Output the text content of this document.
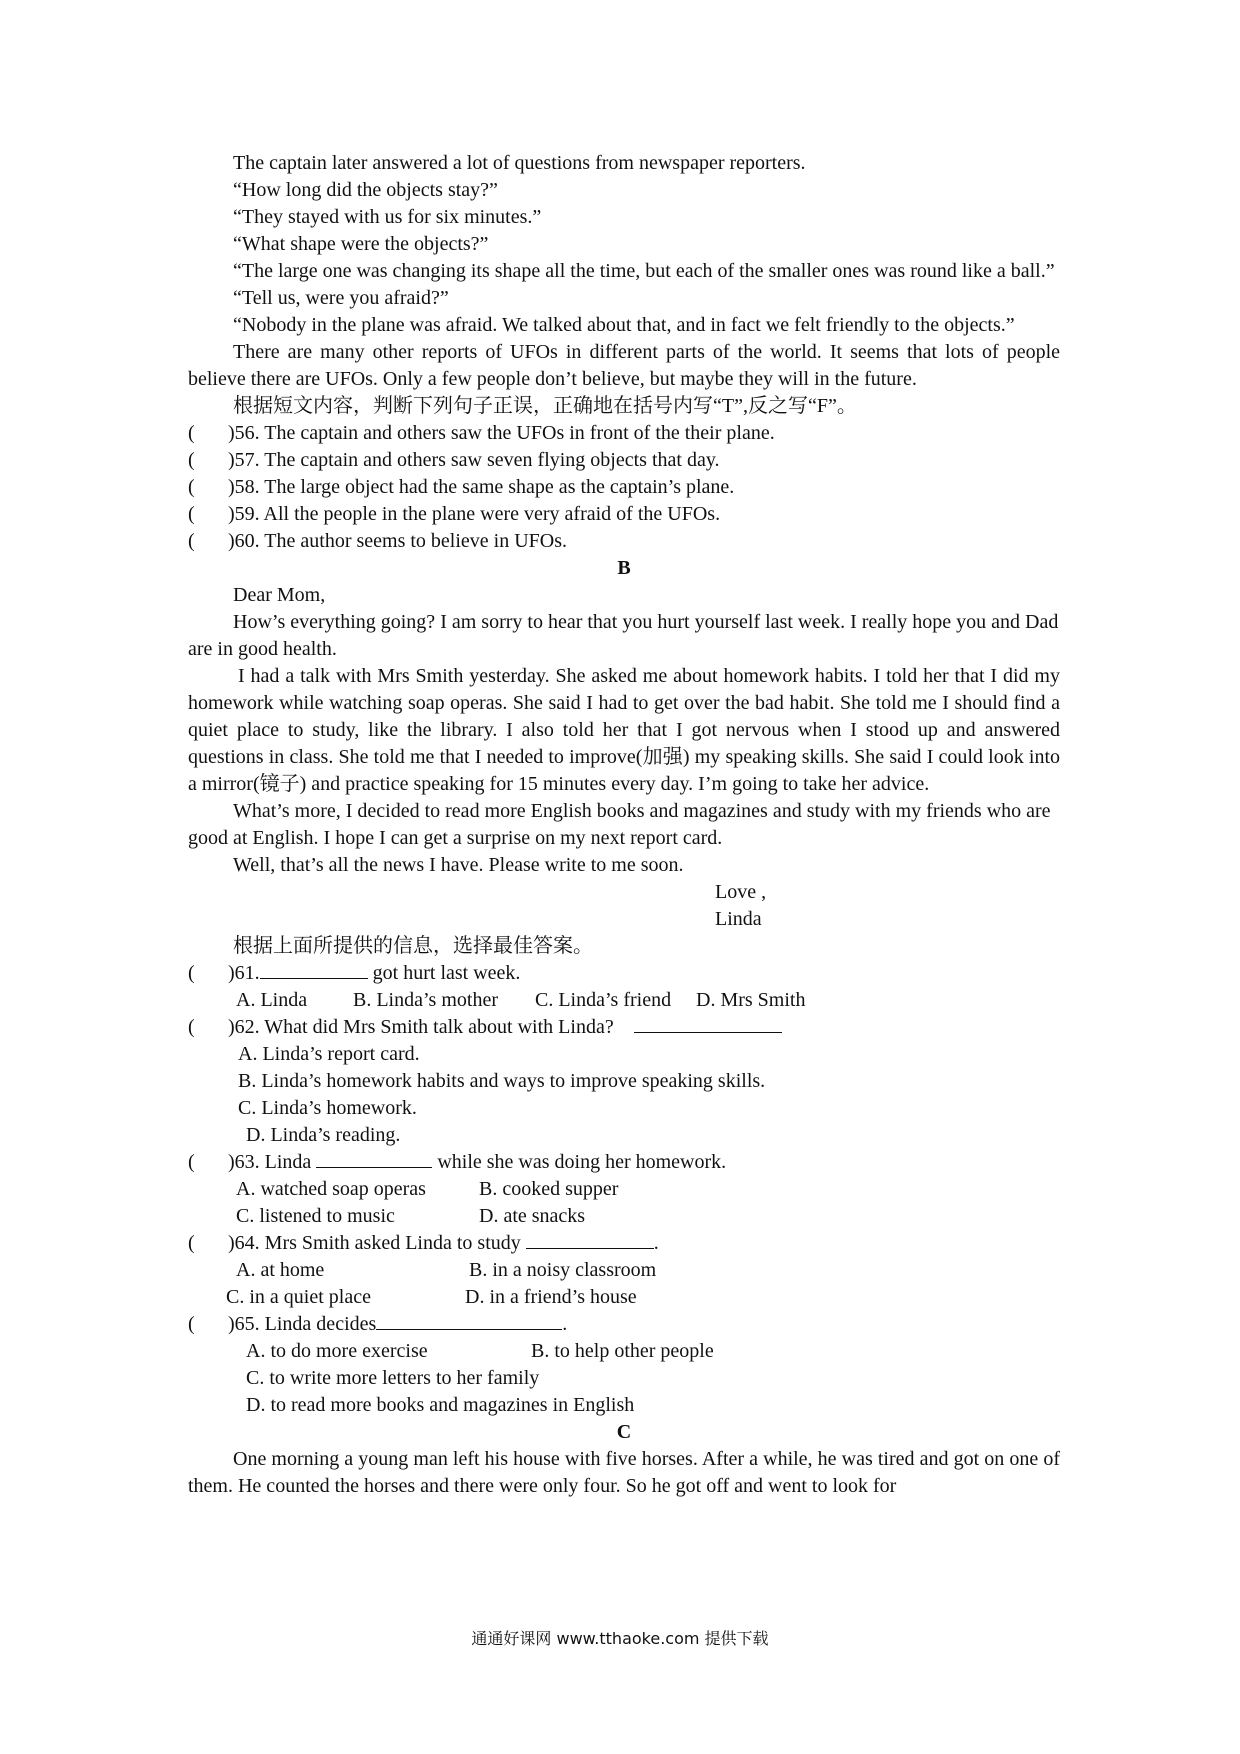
The captain later answered a lot of questions from newspaper reporters.

“How long did the objects stay?”

“They stayed with us for six minutes.”

“What shape were the objects?”

“The large one was changing its shape all the time, but each of the smaller ones was round like a ball.”

“Tell us, were you afraid?”

“Nobody in the plane was afraid. We talked about that, and in fact we felt friendly to the objects.”

There are many other reports of UFOs in different parts of the world. It seems that lots of people believe there are UFOs. Only a few people don’t believe, but maybe they will in the future.

根据短文内容，判断下列句子正误，正确地在括号内写“T”,反之写“F”。

( )56. The captain and others saw the UFOs in front of the their plane.

( )57. The captain and others saw seven flying objects that day.

( )58. The large object had the same shape as the captain’s plane.

( )59. All the people in the plane were very afraid of the UFOs.

( )60. The author seems to believe in UFOs.

B

Dear Mom,

How’s everything going? I am sorry to hear that you hurt yourself last week. I really hope you and Dad are in good health.

I had a talk with Mrs Smith yesterday. She asked me about homework habits. I told her that I did my homework while watching soap operas. She said I had to get over the bad habit. She told me I should find a quiet place to study, like the library. I also told her that I got nervous when I stood up and answered questions in class. She told me that I needed to improve(加强) my speaking skills. She said I could look into a mirror(镜子) and practice speaking for 15 minutes every day. I’m going to take her advice.

What’s more, I decided to read more English books and magazines and study with my friends who are good at English. I hope I can get a surprise on my next report card.

Well, that’s all the news I have. Please write to me soon.

Love ,

Linda

根据上面所提供的信息，选择最佳答案。

( )61.	got hurt last week.

A. Linda B. Linda’s mother C. Linda’s friend D. Mrs Smith

( )62. What did Mrs Smith talk about with Linda?

A. Linda’s report card.

B. Linda’s homework habits and ways to improve speaking skills.

C. Linda’s homework.

D. Linda’s reading.

( )63. Linda	while she was doing her homework.

A. watched soap operas	B. cooked supper

C. listened to music	D. ate snacks

( )64. Mrs Smith asked Linda to study	.

A. at home	B. in a noisy classroom

C. in a quiet place	D. in a friend’s house

( )65. Linda decides	.

A. to do more exercise	B. to help other people

C. to write more letters to her family

D. to read more books and magazines in English

C

One morning a young man left his house with five horses. After a while, he was tired and got on one of them. He counted the horses and there were only four. So he got off and went to look for

通通好课网 www.tthaoke.com 提供下载
